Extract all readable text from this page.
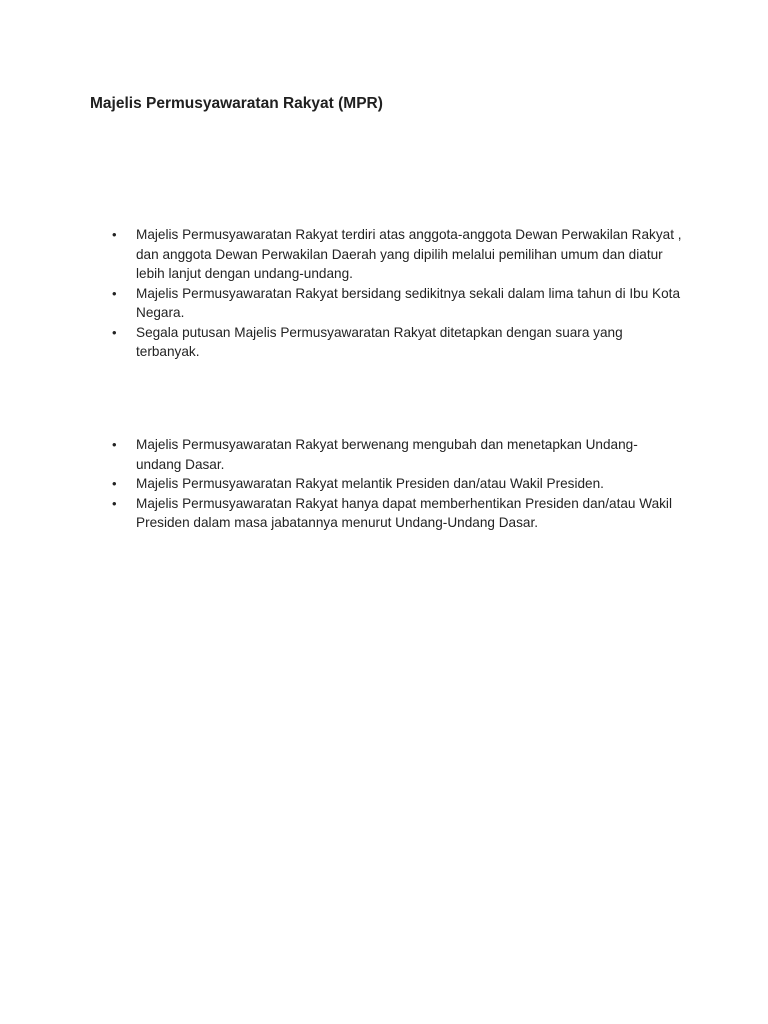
Majelis Permusyawaratan Rakyat (MPR)
• Majelis Permusyawaratan Rakyat terdiri atas anggota-anggota Dewan Perwakilan Rakyat , dan anggota Dewan Perwakilan Daerah yang dipilih melalui pemilihan umum dan diatur lebih lanjut dengan undang-undang.
• Majelis Permusyawaratan Rakyat bersidang sedikitnya sekali dalam lima tahun di Ibu Kota Negara.
• Segala putusan Majelis Permusyawaratan Rakyat ditetapkan dengan suara yang terbanyak.
• Majelis Permusyawaratan Rakyat berwenang mengubah dan menetapkan Undang-undang Dasar.
• Majelis Permusyawaratan Rakyat melantik Presiden dan/atau Wakil Presiden.
• Majelis Permusyawaratan Rakyat hanya dapat memberhentikan Presiden dan/atau Wakil Presiden dalam masa jabatannya menurut Undang-Undang Dasar.
